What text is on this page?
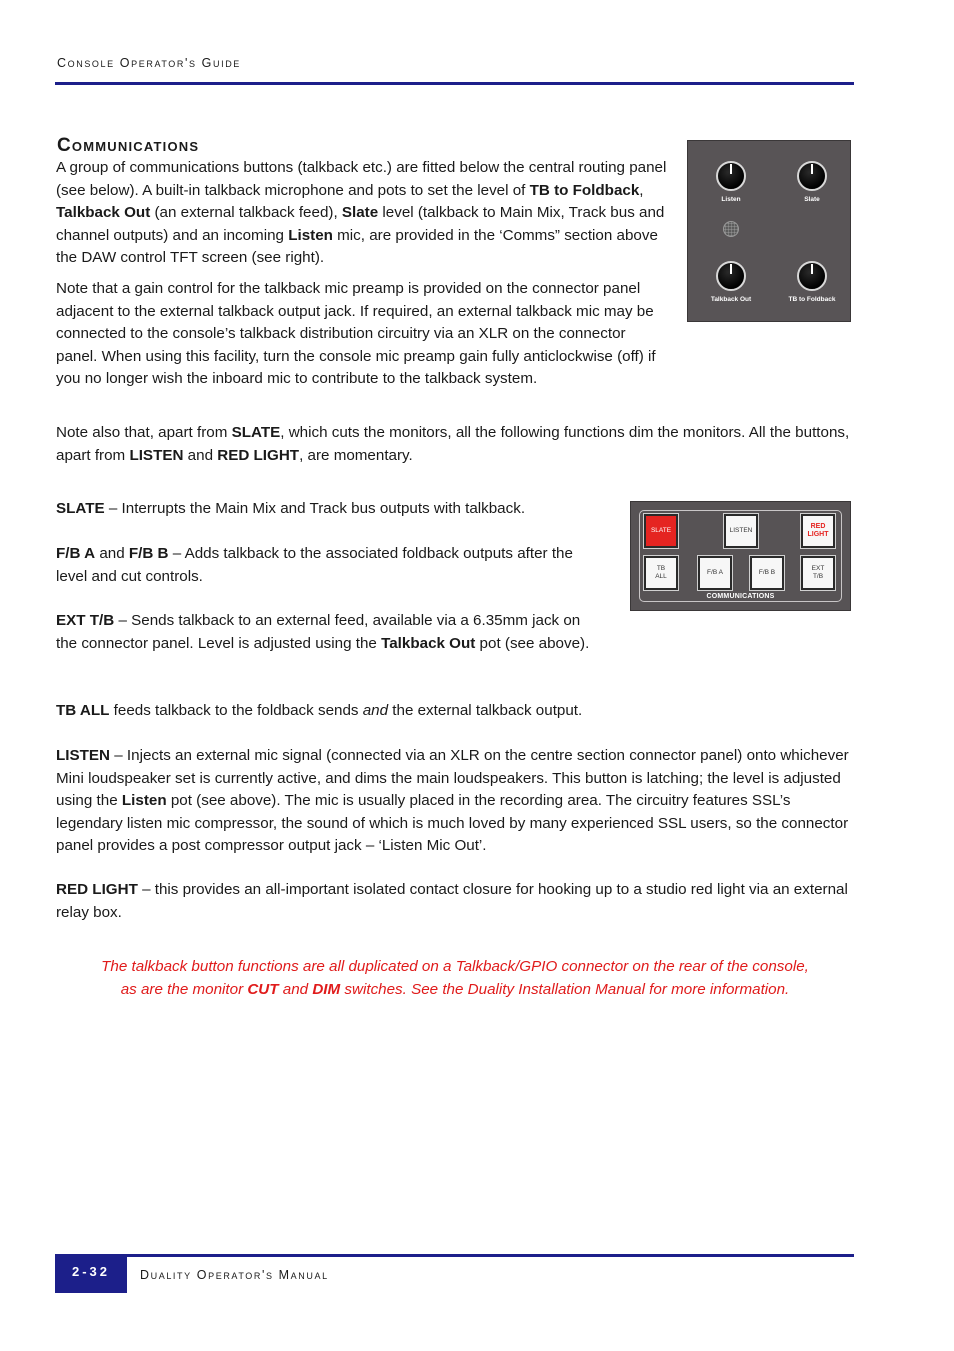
Console Operator's Guide
Communications

A group of communications buttons (talkback etc.) are fitted below the central routing panel (see below). A built-in talkback microphone and pots to set the level of TB to Foldback, Talkback Out (an external talkback feed), Slate level (talkback to Main Mix, Track bus and channel outputs) and an incoming Listen mic, are provided in the ‘Comms” section above the DAW control TFT screen (see right).

Note that a gain control for the talkback mic preamp is provided on the connector panel adjacent to the external talkback output jack. If required, an external talkback mic may be connected to the console’s talkback distribution circuitry via an XLR on the connector panel. When using this facility, turn the console mic preamp gain fully anticlockwise (off) if you no longer wish the inboard mic to contribute to the talkback system.

Note also that, apart from SLATE, which cuts the monitors, all the following functions dim the monitors. All the buttons, apart from LISTEN and RED LIGHT, are momentary.

SLATE – Interrupts the Main Mix and Track bus outputs with talkback.

F/B A and F/B B – Adds talkback to the associated foldback outputs after the level and cut controls.

EXT T/B – Sends talkback to an external feed, available via a 6.35mm jack on the connector panel. Level is adjusted using the Talkback Out pot (see above).

TB ALL feeds talkback to the foldback sends and the external talkback output.

LISTEN – Injects an external mic signal (connected via an XLR on the centre section connector panel) onto whichever Mini loudspeaker set is currently active, and dims the main loudspeakers. This button is latching; the level is adjusted using the Listen pot (see above). The mic is usually placed in the recording area. The circuitry features SSL’s legendary listen mic compressor, the sound of which is much loved by many experienced SSL users, so the connector panel provides a post compressor output jack – ‘Listen Mic Out’.

RED LIGHT – this provides an all-important isolated contact closure for hooking up to a studio red light via an external relay box.

The talkback button functions are all duplicated on a Talkback/GPIO connector on the rear of the console,
as are the monitor CUT and DIM switches. See the Duality Installation Manual for more information.
Listen	Slate
Talkback Out	TB to Foldback
SLATE	LISTEN
RED
LIGHT
TB
ALL
F/B A	F/B B
EXT
T/B
COMMUNICATIONS
2-32	Duality Operator's Manual
